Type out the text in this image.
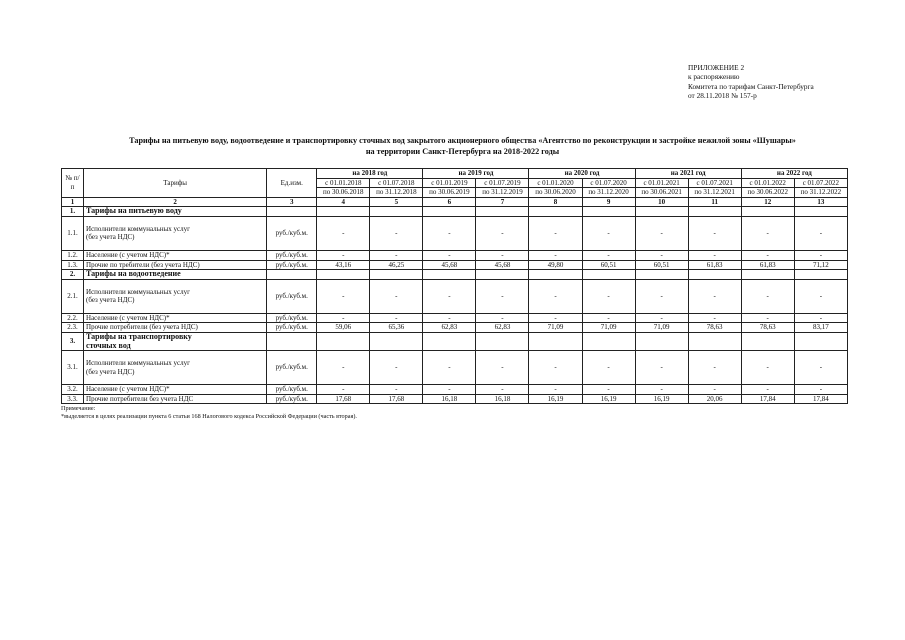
ПРИЛОЖЕНИЕ 2
к распоряжению
Комитета по тарифам Санкт-Петербурга
от 28.11.2018 № 157-р
Тарифы на питьевую воду, водоотведение и транспортировку сточных вод закрытого акционерного общества «Агентство по реконструкции и застройке нежилой зоны «Шушары»
на территории Санкт-Петербурга на 2018-2022 годы
№ п/п	Тарифы	Ед.изм.	на 2018 год		на 2019 год		на 2020 год		на 2021 год		на 2022 год	
			с 01.01.2018	с 01.07.2018	с 01.01.2019	с 01.07.2019	с 01.01.2020	с 01.07.2020	с 01.01.2021	с 01.07.2021	с 01.01.2022	с 01.07.2022
			по 30.06.2018	по 31.12.2018	по 30.06.2019	по 31.12.2019	по 30.06.2020	по 31.12.2020	по 30.06.2021	по 31.12.2021	по 30.06.2022	по 31.12.2022
1	2	3	4	5	6	7	8	9	10	11	12	13
1.	Тарифы на питьевую воду											

1.1.	Исполнители коммунальных услуг
(без учета НДС)	руб./куб.м.	-	-	-	-	-	-	-	-	-	-
1.2.	Население (с учетом НДС)*	руб./куб.м.	-	-	-	-	-	-	-	-	-	-
1.3.	Прочие по требители (без учета НДС)	руб./куб.м.	43,16	46,25	45,68	45,68	49,80	60,51	60,51	61,83	61,83	71,12
2.	Тарифы на водоотведение											

2.1.	Исполнители коммунальных услуг
(без учета НДС)	руб./куб.м.	-	-	-	-	-	-	-	-	-	-
2.2.	Население (с учетом НДС)*	руб./куб.м.	-	-	-	-	-	-	-	-	-	-
2.3.	Прочие потребители (без учета НДС)	руб./куб.м.	59,06	65,36	62,83	62,83	71,09	71,09	71,09	78,63	78,63	83,17
3.	Тарифы на транспортировку
сточных вод											

3.1.	Исполнители коммунальных услуг
(без учета НДС)	руб./куб.м.	-	-	-	-	-	-	-	-	-	-
3.2.	Население (с учетом НДС)*	руб./куб.м.	-	-	-	-	-	-	-	-	-	-
3.3.	Прочие потребители без учета НДС	руб./куб.м.	17,68	17,68	16,18	16,18	16,19	16,19	16,19	20,06	17,84	17,84
Примечание:
*выделяется в целях реализации пункта 6 статьи 168 Налогового кодекса Российской Федерации (часть вторая).
